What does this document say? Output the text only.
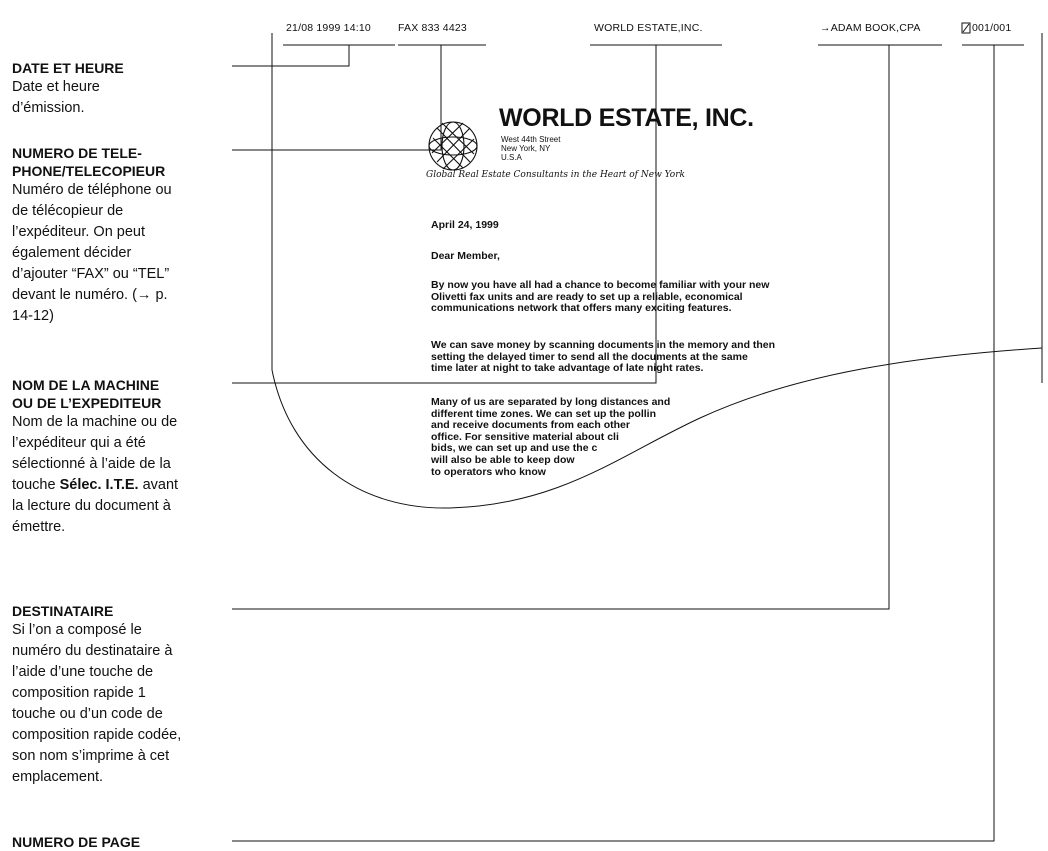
21/08 1999 14:10	FAX 833 4423	WORLD ESTATE,INC.	→ADAM BOOK,CPA	001/001
WORLD ESTATE, INC.
West 44th Street
New York, NY
U.S.A
Global Real Estate Consultants in the Heart of New York
April 24, 1999
Dear Member,
By now you have all had a chance to become familiar with your new
Olivetti fax units and are ready to set up a reliable, economical
communications network that offers many exciting features.
We can save money by scanning documents in the memory and then
setting the delayed timer to send all the documents at the same
time later at night to take advantage of late night rates.
Many of us are separated by long distances and
different time zones. We can set up the pollin
and receive documents from each other
office. For sensitive material about cli
bids, we can set up and use the c
will also be able to keep dow
to operators who know
DATE ET HEURE
Date et heure
d’émission.
NUMERO DE TELE-
PHONE/TELECOPIEUR
Numéro de téléphone ou
de télécopieur de
l’expéditeur. On peut
également décider
d’ajouter “FAX” ou “TEL”
devant le numéro. (→ p.
14-12)
NOM DE LA MACHINE
OU DE L’EXPEDITEUR
Nom de la machine ou de
l’expéditeur qui a été
sélectionné à l’aide de la
touche Sélec. I.T.E. avant
la lecture du document à
émettre.
DESTINATAIRE
Si l’on a composé le
numéro du destinataire à
l’aide d’une touche de
composition rapide 1
touche ou d’un code de
composition rapide codée,
son nom s’imprime à cet
emplacement.
NUMERO DE PAGE
